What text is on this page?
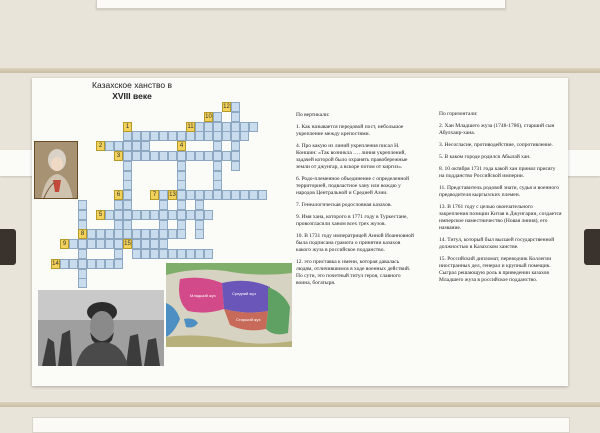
Казахское ханство в
XVIII веке
1
2
3
4
5
6	7
8
9
10
11
12
13
14
15
Младший жуз	Средний жуз
Старший жуз

По вертикали:

1. Как называется передовой пост, небольшое укрепление между крепостями.

4. Про какую из линий укрепления писал Н. Коншин: «Так возникла …. линия укреплений, задачей которой было охранять правобережные земли от джунгар, а вскоре потом от киргиз».

6. Родо-племенное объединение с определенной территорией, подвластное хану или вождю у народов Центральной и Средней Азии.

7. Генеалогическая родословная казахов.

9. Имя хана, которого в 1771 году в Туркестане, провозгласили ханом всех трех жузов.

10. В 1731 году императрицей Анной Иоанновной была подписана грамота о принятии казахов какого жуза в российское подданство.

12. это приставка к имени, которая давалась людям, отличившимся в ходе военных действий. По сути, это почетный титул героя, славного воина, богатыря.

По горизонтали:

2. Хан Младшего жуза (1748-1786), старший сын Абулхаир-хана.

3. Несогласие, противодействие, сопротивление.

5. В каком городе родился Абылай хан.

8. 10 октября 1731 года какой хан принял присягу на подданство Российской империи.

11. Представитель родовой знати, судья и военного предводителя кыргызских племен.

13. В 1761 году с целью окончательного закрепления позиции Китая в Джунгарии, создается имперское наместничество (Новая линия), его название.

14. Титул, который был высшей государственной должностью в Казахском ханстве.

15. Российский дипломат, переводчик Коллегии иностранных дел, генерал и крупный помещик. Сыграл решающую роль в приведении казахов Младшего жуза в российское подданство.
